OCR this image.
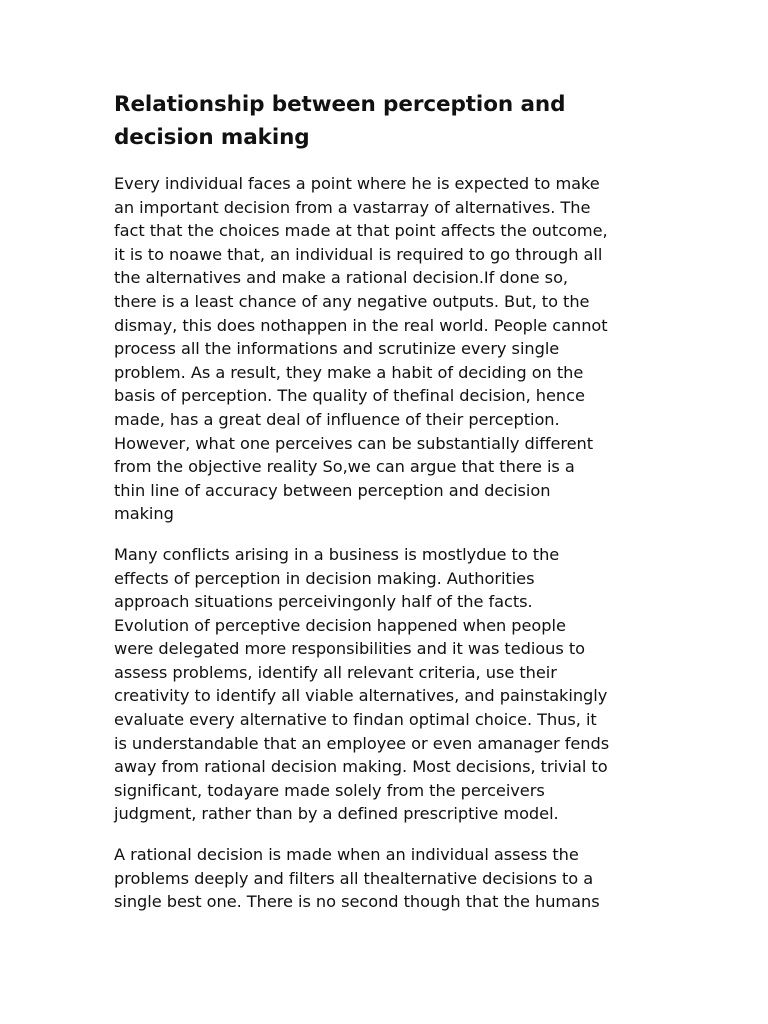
Relationship between perception and
decision making

Every individual faces a point where he is expected to make
an important decision from a vastarray of alternatives. The
fact that the choices made at that point affects the outcome,
it is to noawe that, an individual is required to go through all
the alternatives and make a rational decision.If done so,
there is a least chance of any negative outputs. But, to the
dismay, this does nothappen in the real world. People cannot
process all the informations and scrutinize every single
problem. As a result, they make a habit of deciding on the
basis of perception. The quality of thefinal decision, hence
made, has a great deal of influence of their perception.
However, what one perceives can be substantially different
from the objective reality So,we can argue that there is a
thin line of accuracy between perception and decision
making

Many conflicts arising in a business is mostlydue to the
effects of perception in decision making. Authorities
approach situations perceivingonly half of the facts.
Evolution of perceptive decision happened when people
were delegated more responsibilities and it was tedious to
assess problems, identify all relevant criteria, use their
creativity to identify all viable alternatives, and painstakingly
evaluate every alternative to findan optimal choice. Thus, it
is understandable that an employee or even amanager fends
away from rational decision making. Most decisions, trivial to
significant, todayare made solely from the perceivers
judgment, rather than by a defined prescriptive model.

A rational decision is made when an individual assess the
problems deeply and filters all thealternative decisions to a
single best one. There is no second though that the humans
